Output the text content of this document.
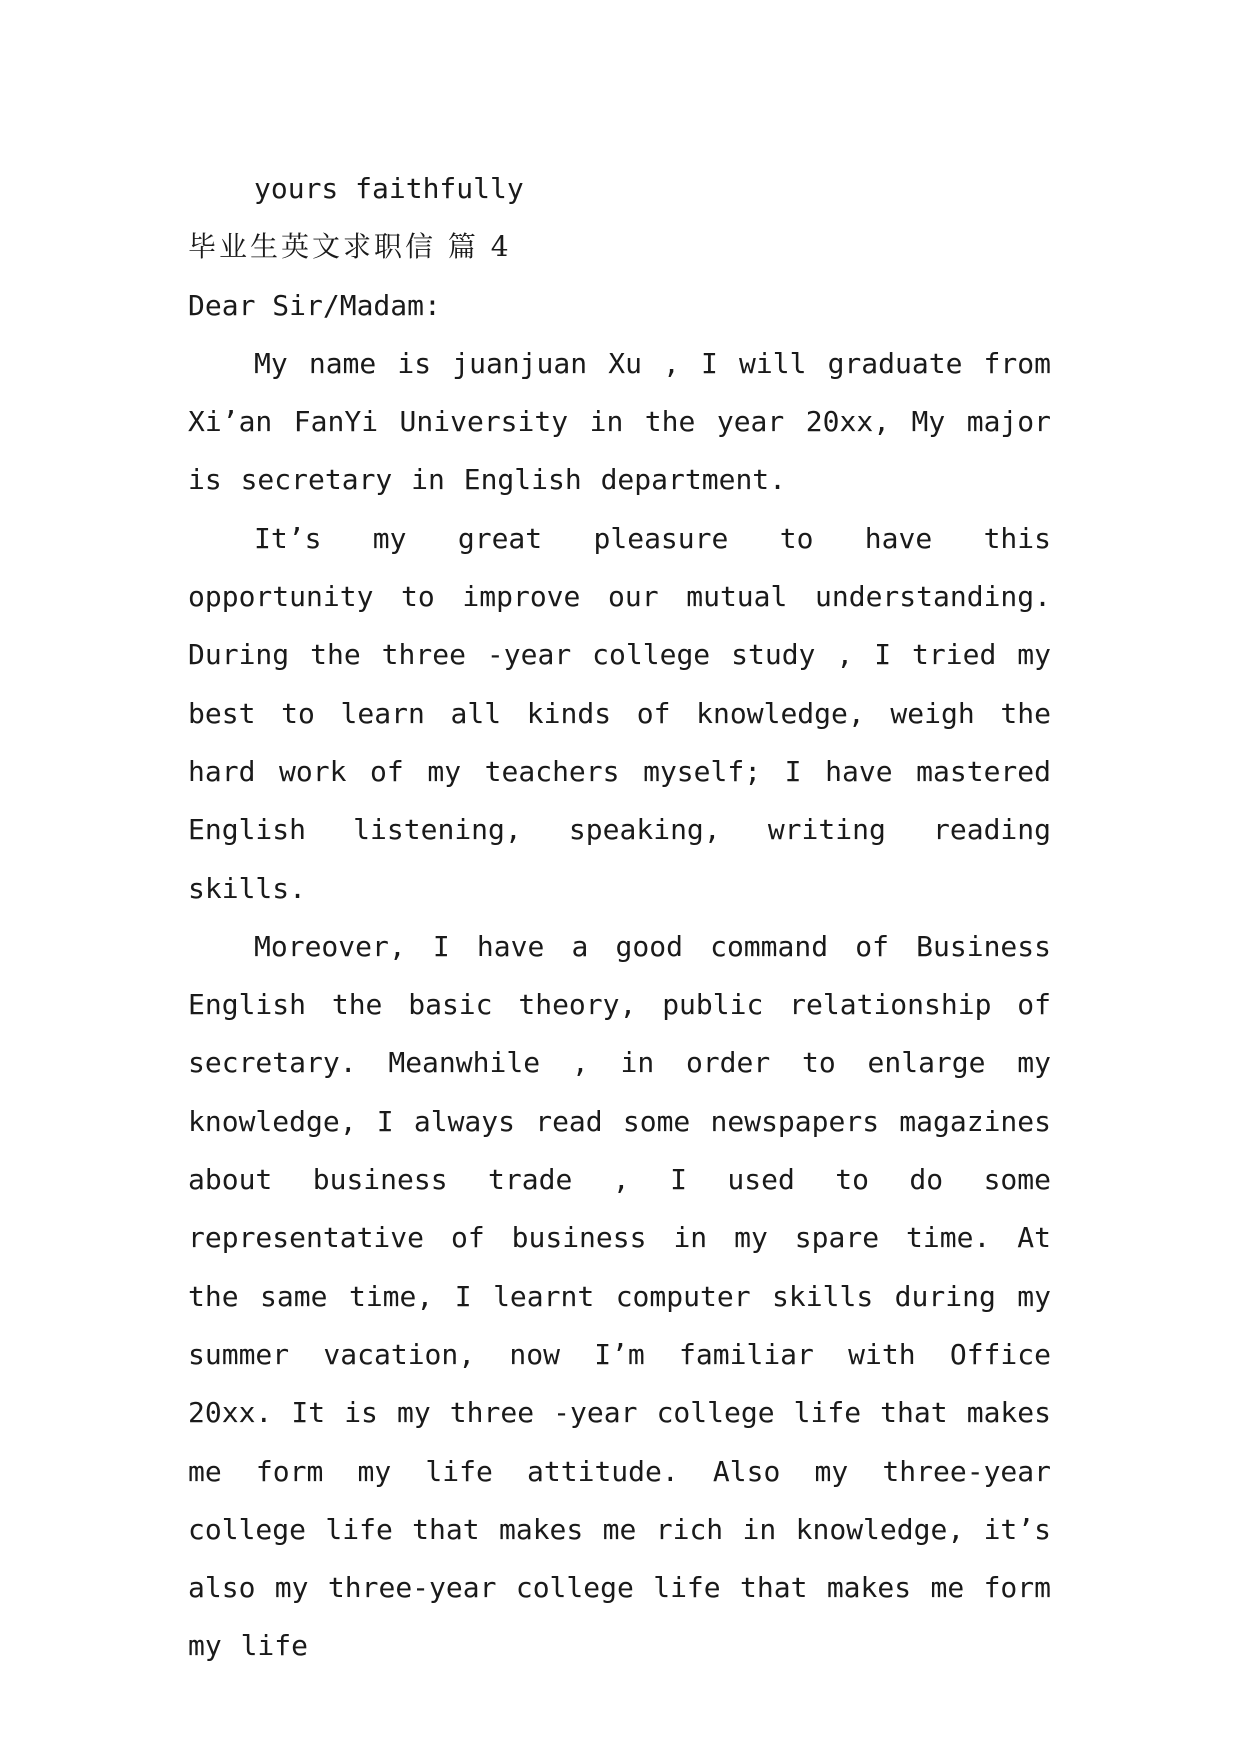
yours faithfully
毕业生英文求职信 篇 4
Dear Sir/Madam:

My name is juanjuan Xu , I will graduate from Xi’an FanYi University in the year 20xx, My major is secretary in English department.

It’s my great pleasure to have this opportunity to improve our mutual understanding. During the three -year college study , I tried my best to learn all kinds of knowledge, weigh the hard work of my teachers myself; I have mastered English listening, speaking, writing reading skills.

Moreover, I have a good command of Business English the basic theory, public relationship of secretary. Meanwhile , in order to enlarge my knowledge, I always read some newspapers magazines about business trade , I used to do some representative of business in my spare time. At the same time, I learnt computer skills during my summer vacation, now I’m familiar with Office 20xx. It is my three -year college life that makes me form my life attitude. Also my three-year college life that makes me rich in knowledge, it’s also my three-year college life that makes me form my life
